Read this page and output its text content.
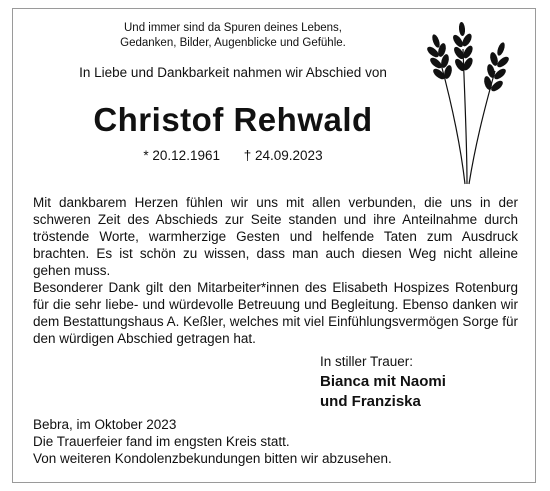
Und immer sind da Spuren deines Lebens,
Gedanken, Bilder, Augenblicke und Gefühle.
In Liebe und Dankbarkeit nahmen wir Abschied von
Christof Rehwald
* 20.12.1961 † 24.09.2023

Mit dankbarem Herzen fühlen wir uns mit allen verbunden, die uns in der schweren Zeit des Abschieds zur Seite standen und ihre Anteilnahme durch tröstende Worte, warmherzige Gesten und helfende Taten zum Ausdruck brachten. Es ist schön zu wissen, dass man auch diesen Weg nicht alleine gehen muss.

Besonderer Dank gilt den Mitarbeiter*innen des Elisabeth Hospizes Rotenburg für die sehr liebe- und würdevolle Betreuung und Begleitung. Ebenso danken wir dem Bestattungshaus A. Keßler, welches mit viel Einfühlungsvermögen Sorge für den würdigen Abschied getragen hat.

In stiller Trauer:
Bianca mit Naomi
und Franziska
Bebra, im Oktober 2023
Die Trauerfeier fand im engsten Kreis statt.
Von weiteren Kondolenzbekundungen bitten wir abzusehen.
